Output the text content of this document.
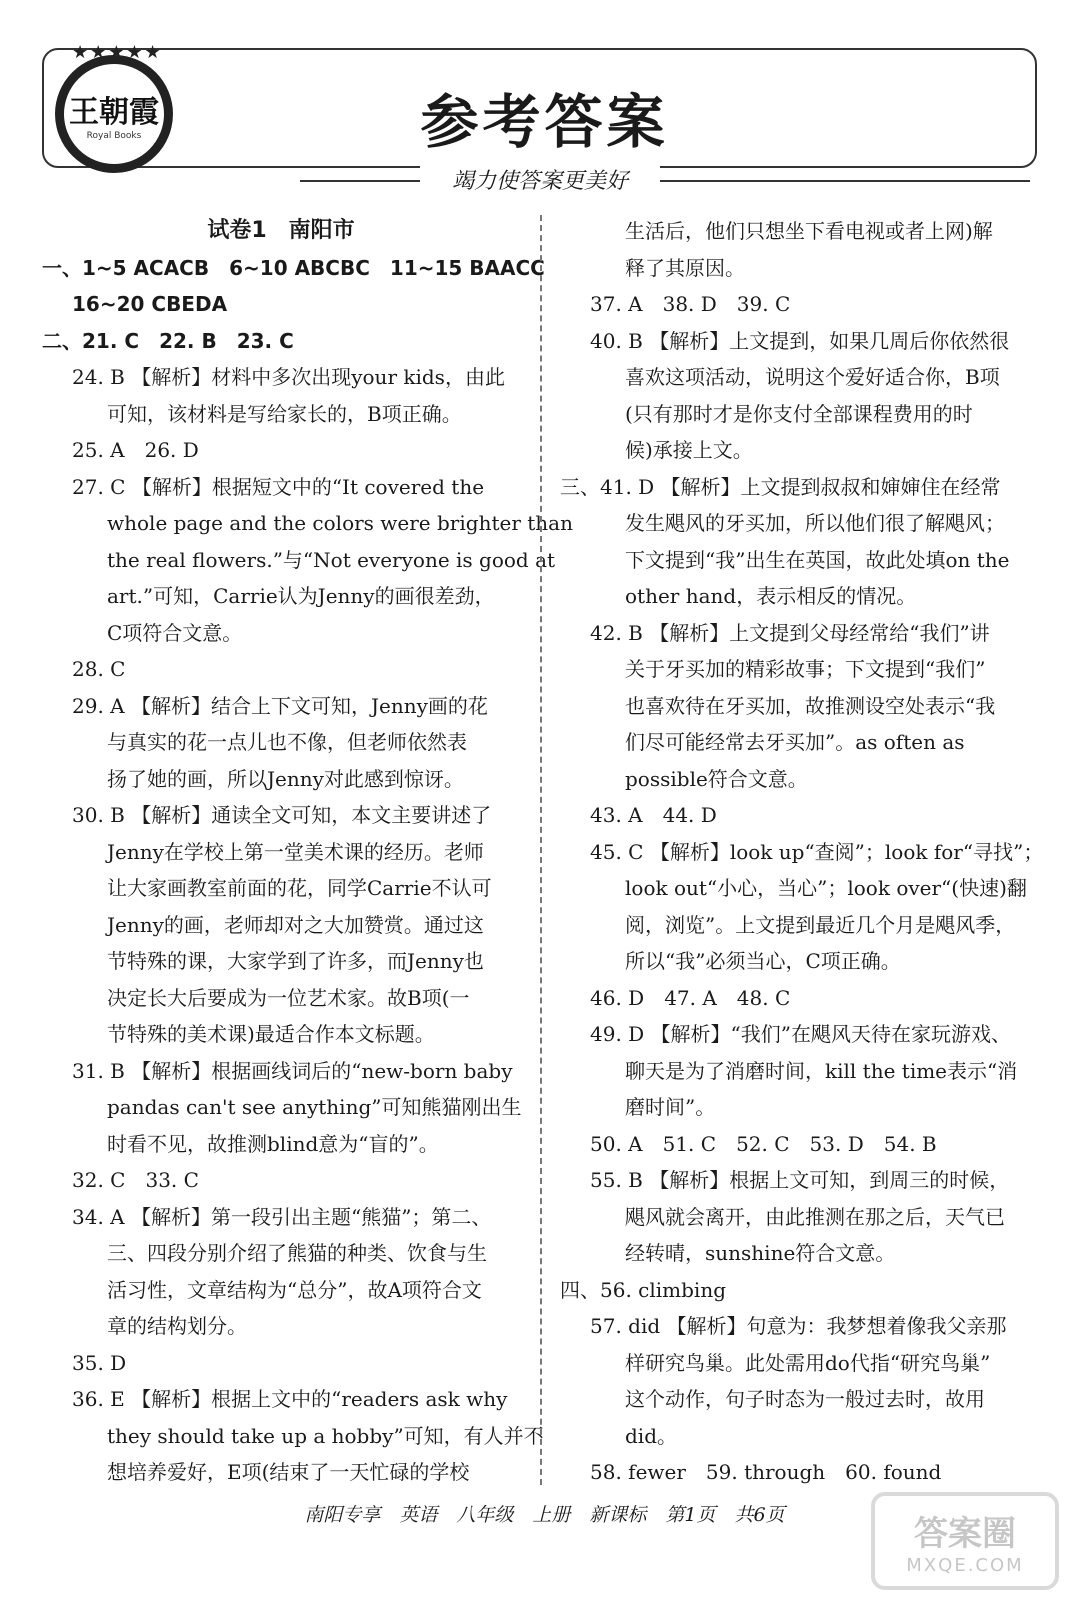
★★★★★
王朝霞
Royal Books	参考答案
竭力使答案更美好
试卷1　南阳市
一、1~5 ACACB　6~10 ABCBC　11~15 BAACC
16~20 CBEDA
二、21. C　22. B　23. C
24. B 【解析】材料中多次出现your kids，由此
可知，该材料是写给家长的，B项正确。
25. A　26. D
27. C 【解析】根据短文中的“It covered the
whole page and the colors were brighter than
the real flowers.”与“Not everyone is good at
art.”可知，Carrie认为Jenny的画很差劲，
C项符合文意。
28. C
29. A 【解析】结合上下文可知，Jenny画的花
与真实的花一点儿也不像，但老师依然表
扬了她的画，所以Jenny对此感到惊讶。
30. B 【解析】通读全文可知，本文主要讲述了
Jenny在学校上第一堂美术课的经历。老师
让大家画教室前面的花，同学Carrie不认可
Jenny的画，老师却对之大加赞赏。通过这
节特殊的课，大家学到了许多，而Jenny也
决定长大后要成为一位艺术家。故B项(一
节特殊的美术课)最适合作本文标题。
31. B 【解析】根据画线词后的“new-born baby
pandas can't see anything”可知熊猫刚出生
时看不见，故推测blind意为“盲的”。
32. C　33. C
34. A 【解析】第一段引出主题“熊猫”；第二、
三、四段分别介绍了熊猫的种类、饮食与生
活习性，文章结构为“总分”，故A项符合文
章的结构划分。
35. D
36. E 【解析】根据上文中的“readers ask why
they should take up a hobby”可知，有人并不
想培养爱好，E项(结束了一天忙碌的学校
生活后，他们只想坐下看电视或者上网)解
释了其原因。
37. A　38. D　39. C
40. B 【解析】上文提到，如果几周后你依然很
喜欢这项活动，说明这个爱好适合你，B项
(只有那时才是你支付全部课程费用的时
候)承接上文。
三、41. D 【解析】上文提到叔叔和婶婶住在经常
发生飓风的牙买加，所以他们很了解飓风；
下文提到“我”出生在英国，故此处填on the
other hand，表示相反的情况。
42. B 【解析】上文提到父母经常给“我们”讲
关于牙买加的精彩故事；下文提到“我们”
也喜欢待在牙买加，故推测设空处表示“我
们尽可能经常去牙买加”。as often as
possible符合文意。
43. A　44. D
45. C 【解析】look up“查阅”；look for“寻找”；
look out“小心，当心”；look over“(快速)翻
阅，浏览”。上文提到最近几个月是飓风季，
所以“我”必须当心，C项正确。
46. D　47. A　48. C
49. D 【解析】“我们”在飓风天待在家玩游戏、
聊天是为了消磨时间，kill the time表示“消
磨时间”。
50. A　51. C　52. C　53. D　54. B
55. B 【解析】根据上文可知，到周三的时候，
飓风就会离开，由此推测在那之后，天气已
经转晴，sunshine符合文意。
四、56. climbing
57. did 【解析】句意为：我梦想着像我父亲那
样研究鸟巢。此处需用do代指“研究鸟巢”
这个动作，句子时态为一般过去时，故用
did。
58. fewer　59. through　60. found
南阳专享　英语　八年级　上册　新课标　第1页　共6页	答案圈
MXQE.COM
